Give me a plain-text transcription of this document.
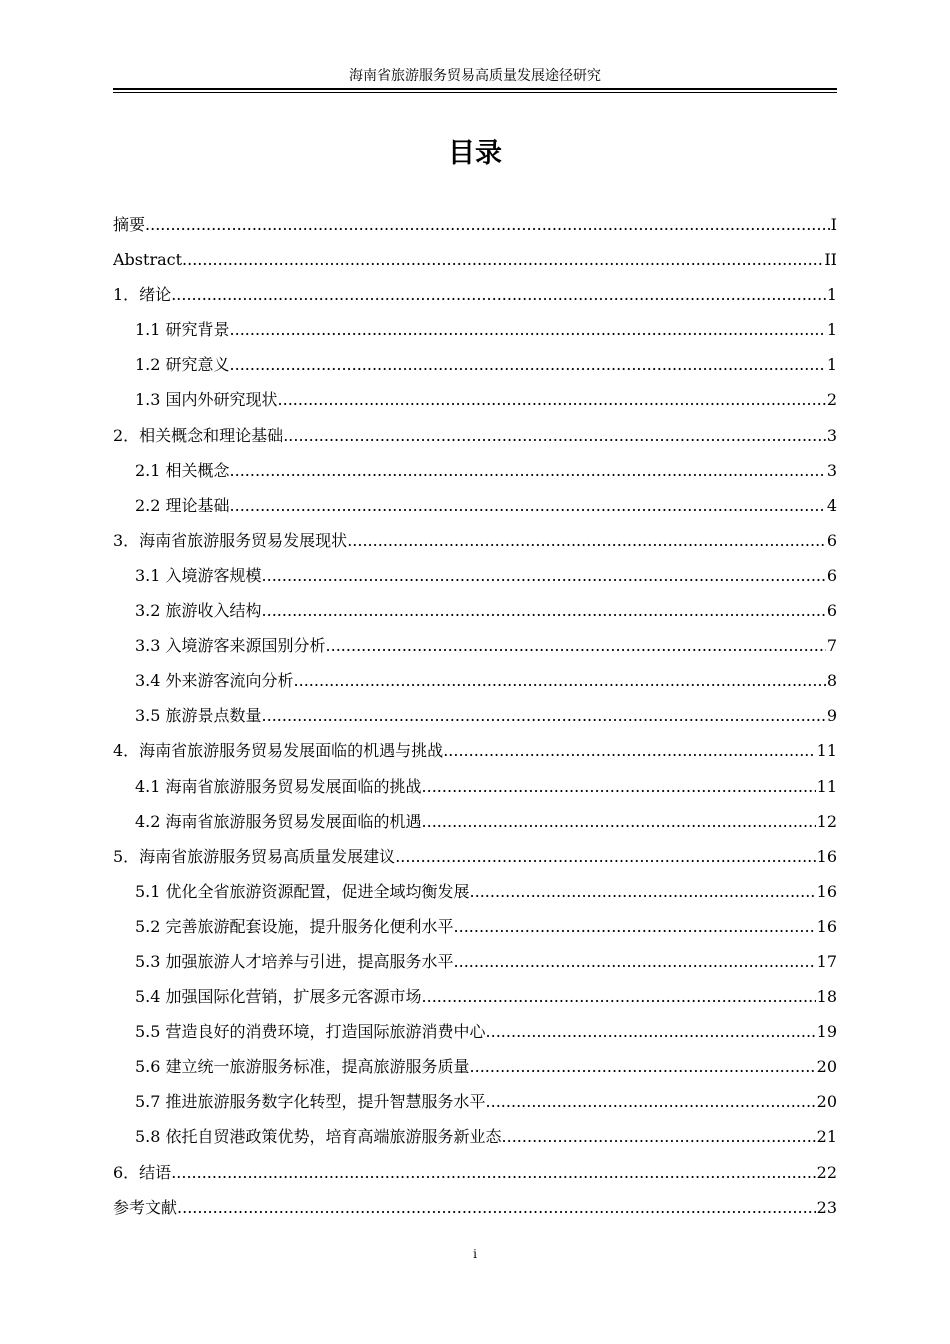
海南省旅游服务贸易高质量发展途径研究
目录
摘要 .....	I
Abstract .....	II
1．绪论 .....	1
1.1 研究背景 .....	1
1.2 研究意义 .....	1
1.3 国内外研究现状 .....	2
2．相关概念和理论基础 .....	3
2.1 相关概念 .....	3
2.2 理论基础 .....	4
3．海南省旅游服务贸易发展现状 .....	6
3.1 入境游客规模 .....	6
3.2 旅游收入结构 .....	6
3.3 入境游客来源国别分析 .....	7
3.4 外来游客流向分析 .....	8
3.5 旅游景点数量 .....	9
4．海南省旅游服务贸易发展面临的机遇与挑战 .....	11
4.1 海南省旅游服务贸易发展面临的挑战 .....	11
4.2 海南省旅游服务贸易发展面临的机遇 .....	12
5．海南省旅游服务贸易高质量发展建议 .....	16
5.1 优化全省旅游资源配置，促进全域均衡发展 .....	16
5.2 完善旅游配套设施，提升服务化便利水平 .....	16
5.3 加强旅游人才培养与引进，提高服务水平 .....	17
5.4 加强国际化营销，扩展多元客源市场 .....	18
5.5 营造良好的消费环境，打造国际旅游消费中心 .....	19
5.6 建立统一旅游服务标准，提高旅游服务质量 .....	20
5.7 推进旅游服务数字化转型，提升智慧服务水平 .....	20
5.8 依托自贸港政策优势，培育高端旅游服务新业态 .....	21
6．结语 .....	22
参考文献 .....	23
i
